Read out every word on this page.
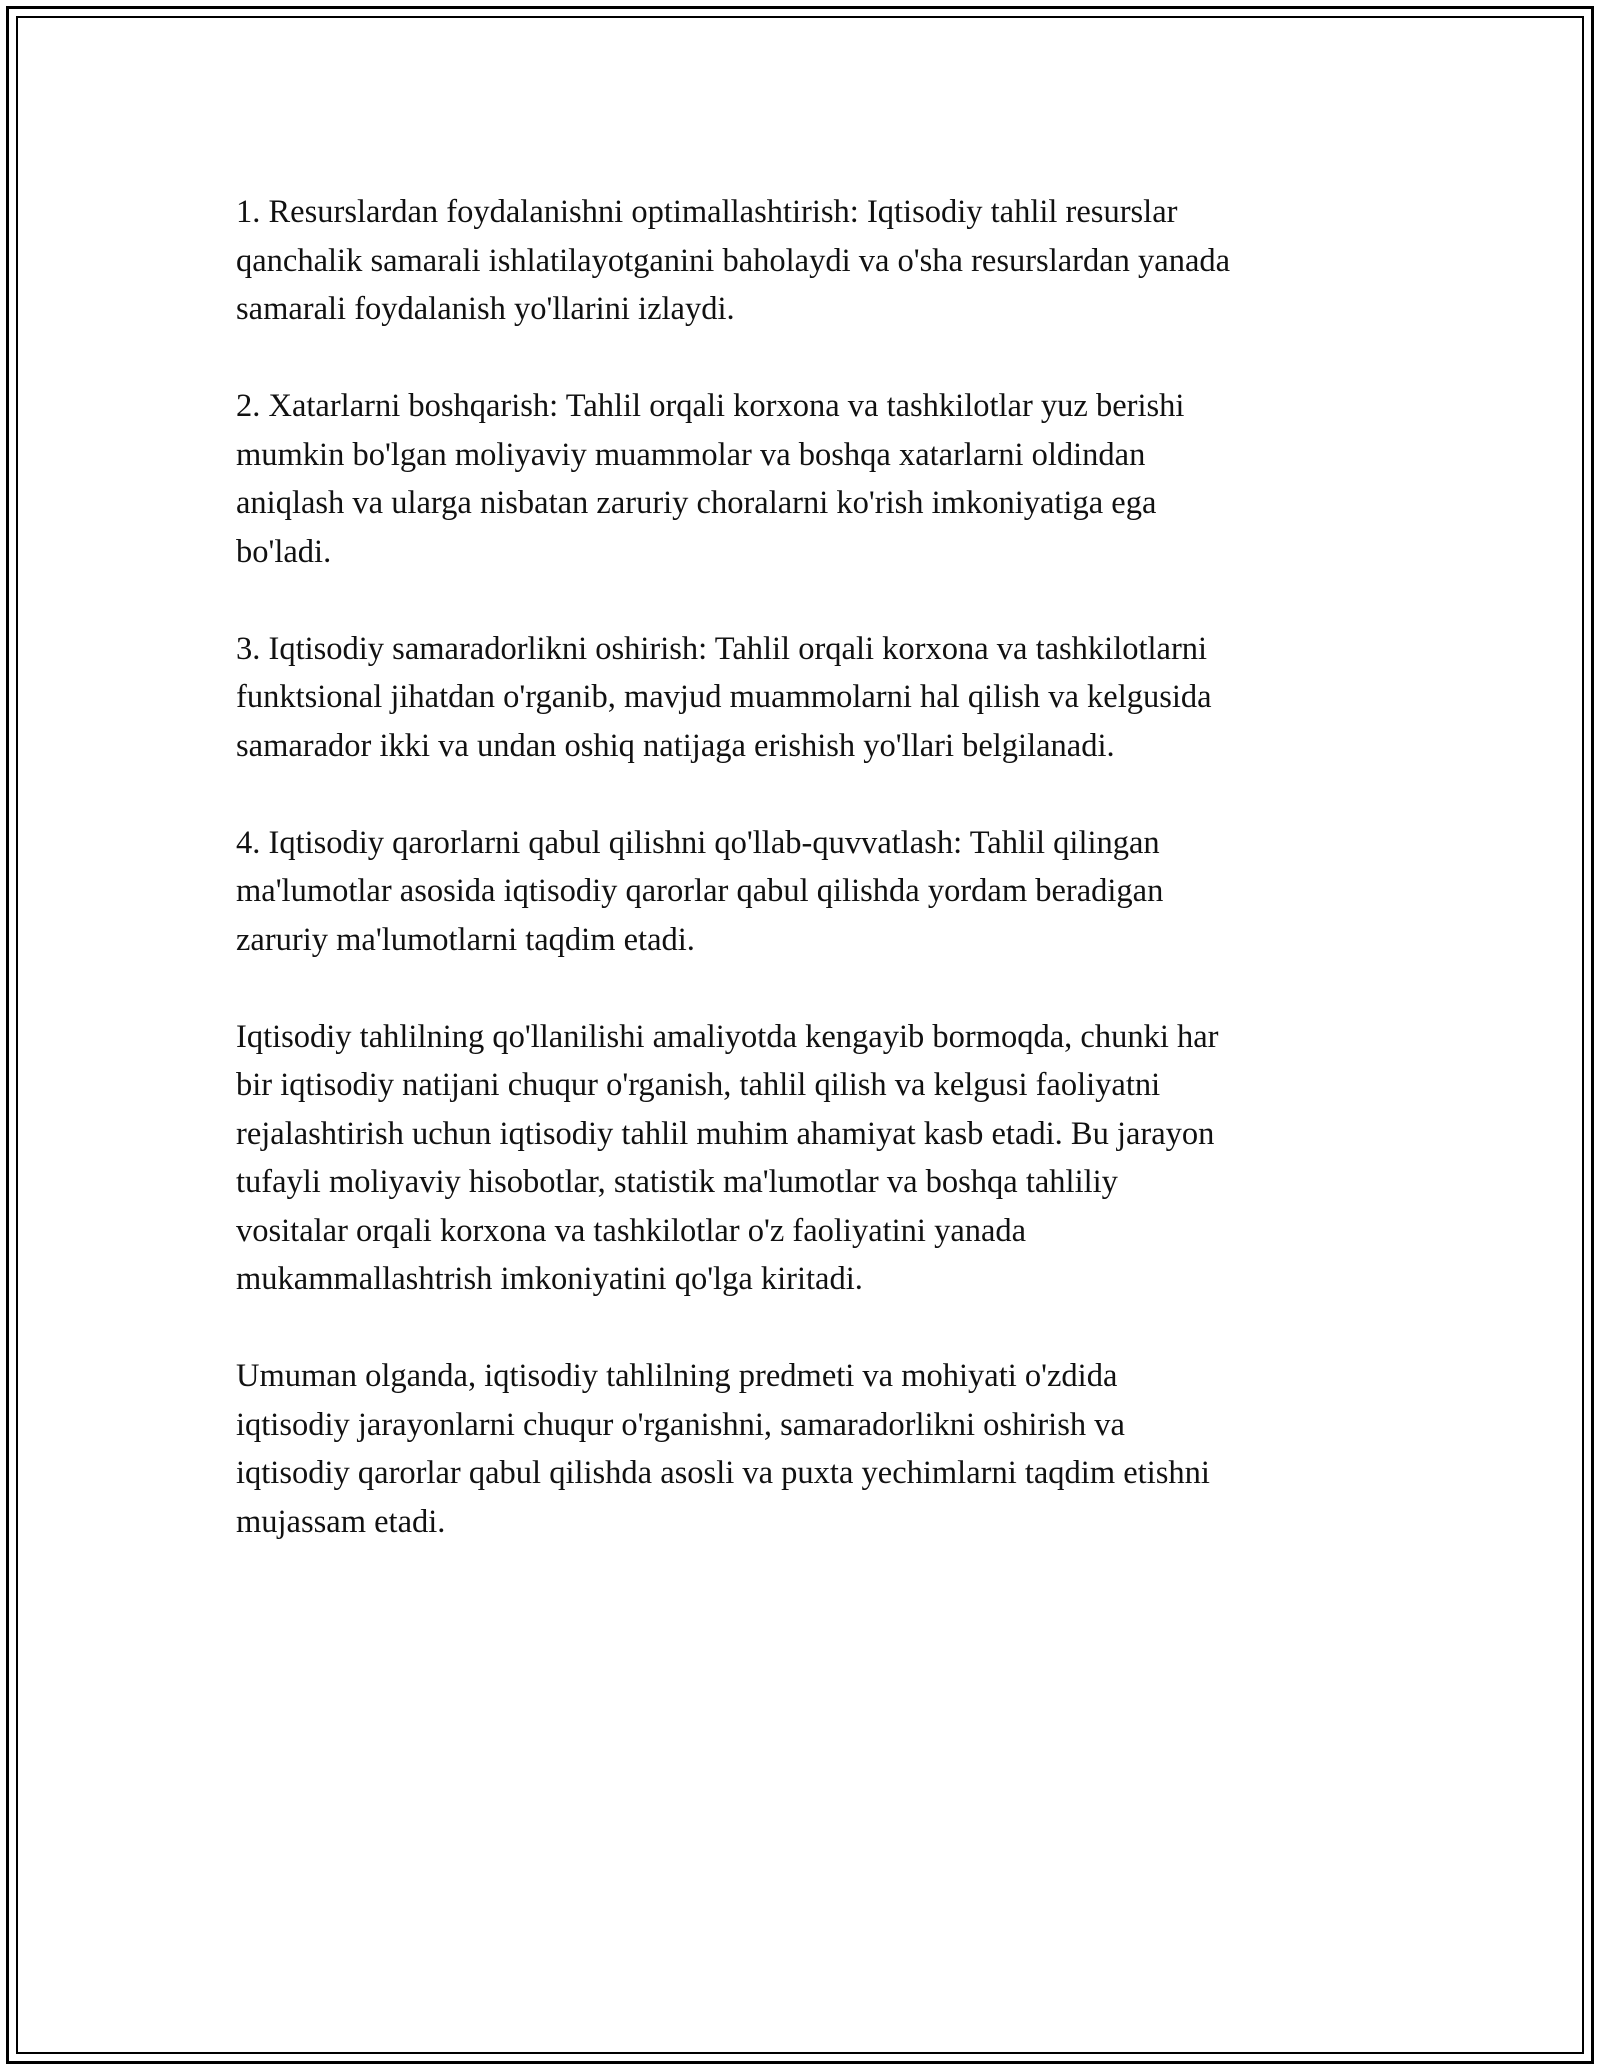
1. Resurslardan foydalanishni optimallashtirish: Iqtisodiy tahlil resurslar
qanchalik samarali ishlatilayotganini baholaydi va o'sha resurslardan yanada
samarali foydalanish yo'llarini izlaydi.

2. Xatarlarni boshqarish: Tahlil orqali korxona va tashkilotlar yuz berishi
mumkin bo'lgan moliyaviy muammolar va boshqa xatarlarni oldindan
aniqlash va ularga nisbatan zaruriy choralarni ko'rish imkoniyatiga ega
bo'ladi.

3. Iqtisodiy samaradorlikni oshirish: Tahlil orqali korxona va tashkilotlarni
funktsional jihatdan o'rganib, mavjud muammolarni hal qilish va kelgusida
samarador ikki va undan oshiq natijaga erishish yo'llari belgilanadi.

4. Iqtisodiy qarorlarni qabul qilishni qo'llab-quvvatlash: Tahlil qilingan
ma'lumotlar asosida iqtisodiy qarorlar qabul qilishda yordam beradigan
zaruriy ma'lumotlarni taqdim etadi.

Iqtisodiy tahlilning qo'llanilishi amaliyotda kengayib bormoqda, chunki har
bir iqtisodiy natijani chuqur o'rganish, tahlil qilish va kelgusi faoliyatni
rejalashtirish uchun iqtisodiy tahlil muhim ahamiyat kasb etadi. Bu jarayon
tufayli moliyaviy hisobotlar, statistik ma'lumotlar va boshqa tahliliy
vositalar orqali korxona va tashkilotlar o'z faoliyatini yanada
mukammallashtrish imkoniyatini qo'lga kiritadi.

Umuman olganda, iqtisodiy tahlilning predmeti va mohiyati o'zdida
iqtisodiy jarayonlarni chuqur o'rganishni, samaradorlikni oshirish va
iqtisodiy qarorlar qabul qilishda asosli va puxta yechimlarni taqdim etishni
mujassam etadi.
